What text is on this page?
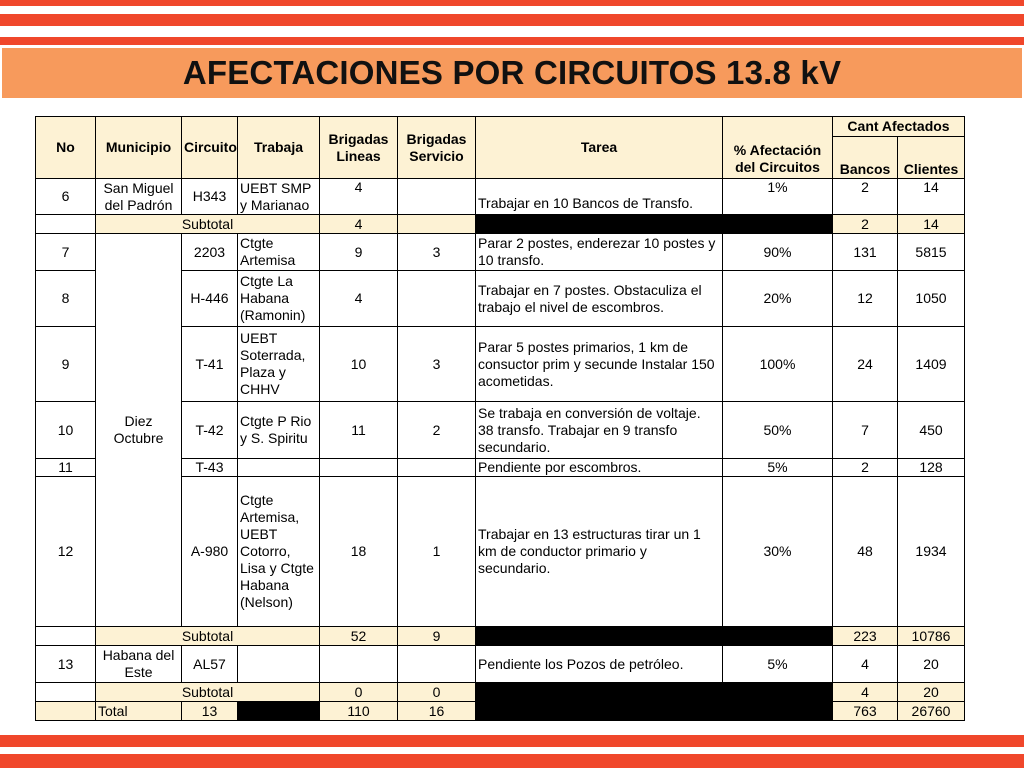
AFECTACIONES POR CIRCUITOS 13.8 kV
No	Municipio	Circuito	Trabaja	Brigadas Lineas	Brigadas Servicio	Tarea	% Afectación del Circuitos	Cant Afectados	
								Bancos	Clientes
6	San Miguel del Padrón	H343	UEBT SMP y Marianao	4		Trabajar en 10 Bancos de Transfo.	1%	2	14
	Subtotal			4				2	14
7	Diez Octubre	2203	Ctgte Artemisa	9	3	Parar 2 postes, enderezar 10 postes y 10 transfo.	90%	131	5815
8		H-446	Ctgte La Habana (Ramonin)	4		Trabajar en 7 postes. Obstaculiza el trabajo el nivel de escombros.	20%	12	1050
9		T-41	UEBT Soterrada, Plaza y CHHV	10	3	Parar 5 postes primarios, 1 km de consuctor prim y secunde Instalar 150 acometidas.	100%	24	1409
10		T-42	Ctgte P Rio y S. Spiritu	11	2	Se trabaja en conversión de voltaje. 38 transfo. Trabajar en 9 transfo secundario.	50%	7	450
11		T-43				Pendiente por escombros.	5%	2	128
12		A-980	Ctgte Artemisa, UEBT Cotorro, Lisa y Ctgte Habana (Nelson)	18	1	Trabajar en 13 estructuras tirar un 1 km de conductor primario y secundario.	30%	48	1934
	Subtotal			52	9			223	10786
13	Habana del Este	AL57				Pendiente los Pozos de petróleo.	5%	4	20
	Subtotal			0	0			4	20
	Total	13		110	16			763	26760
